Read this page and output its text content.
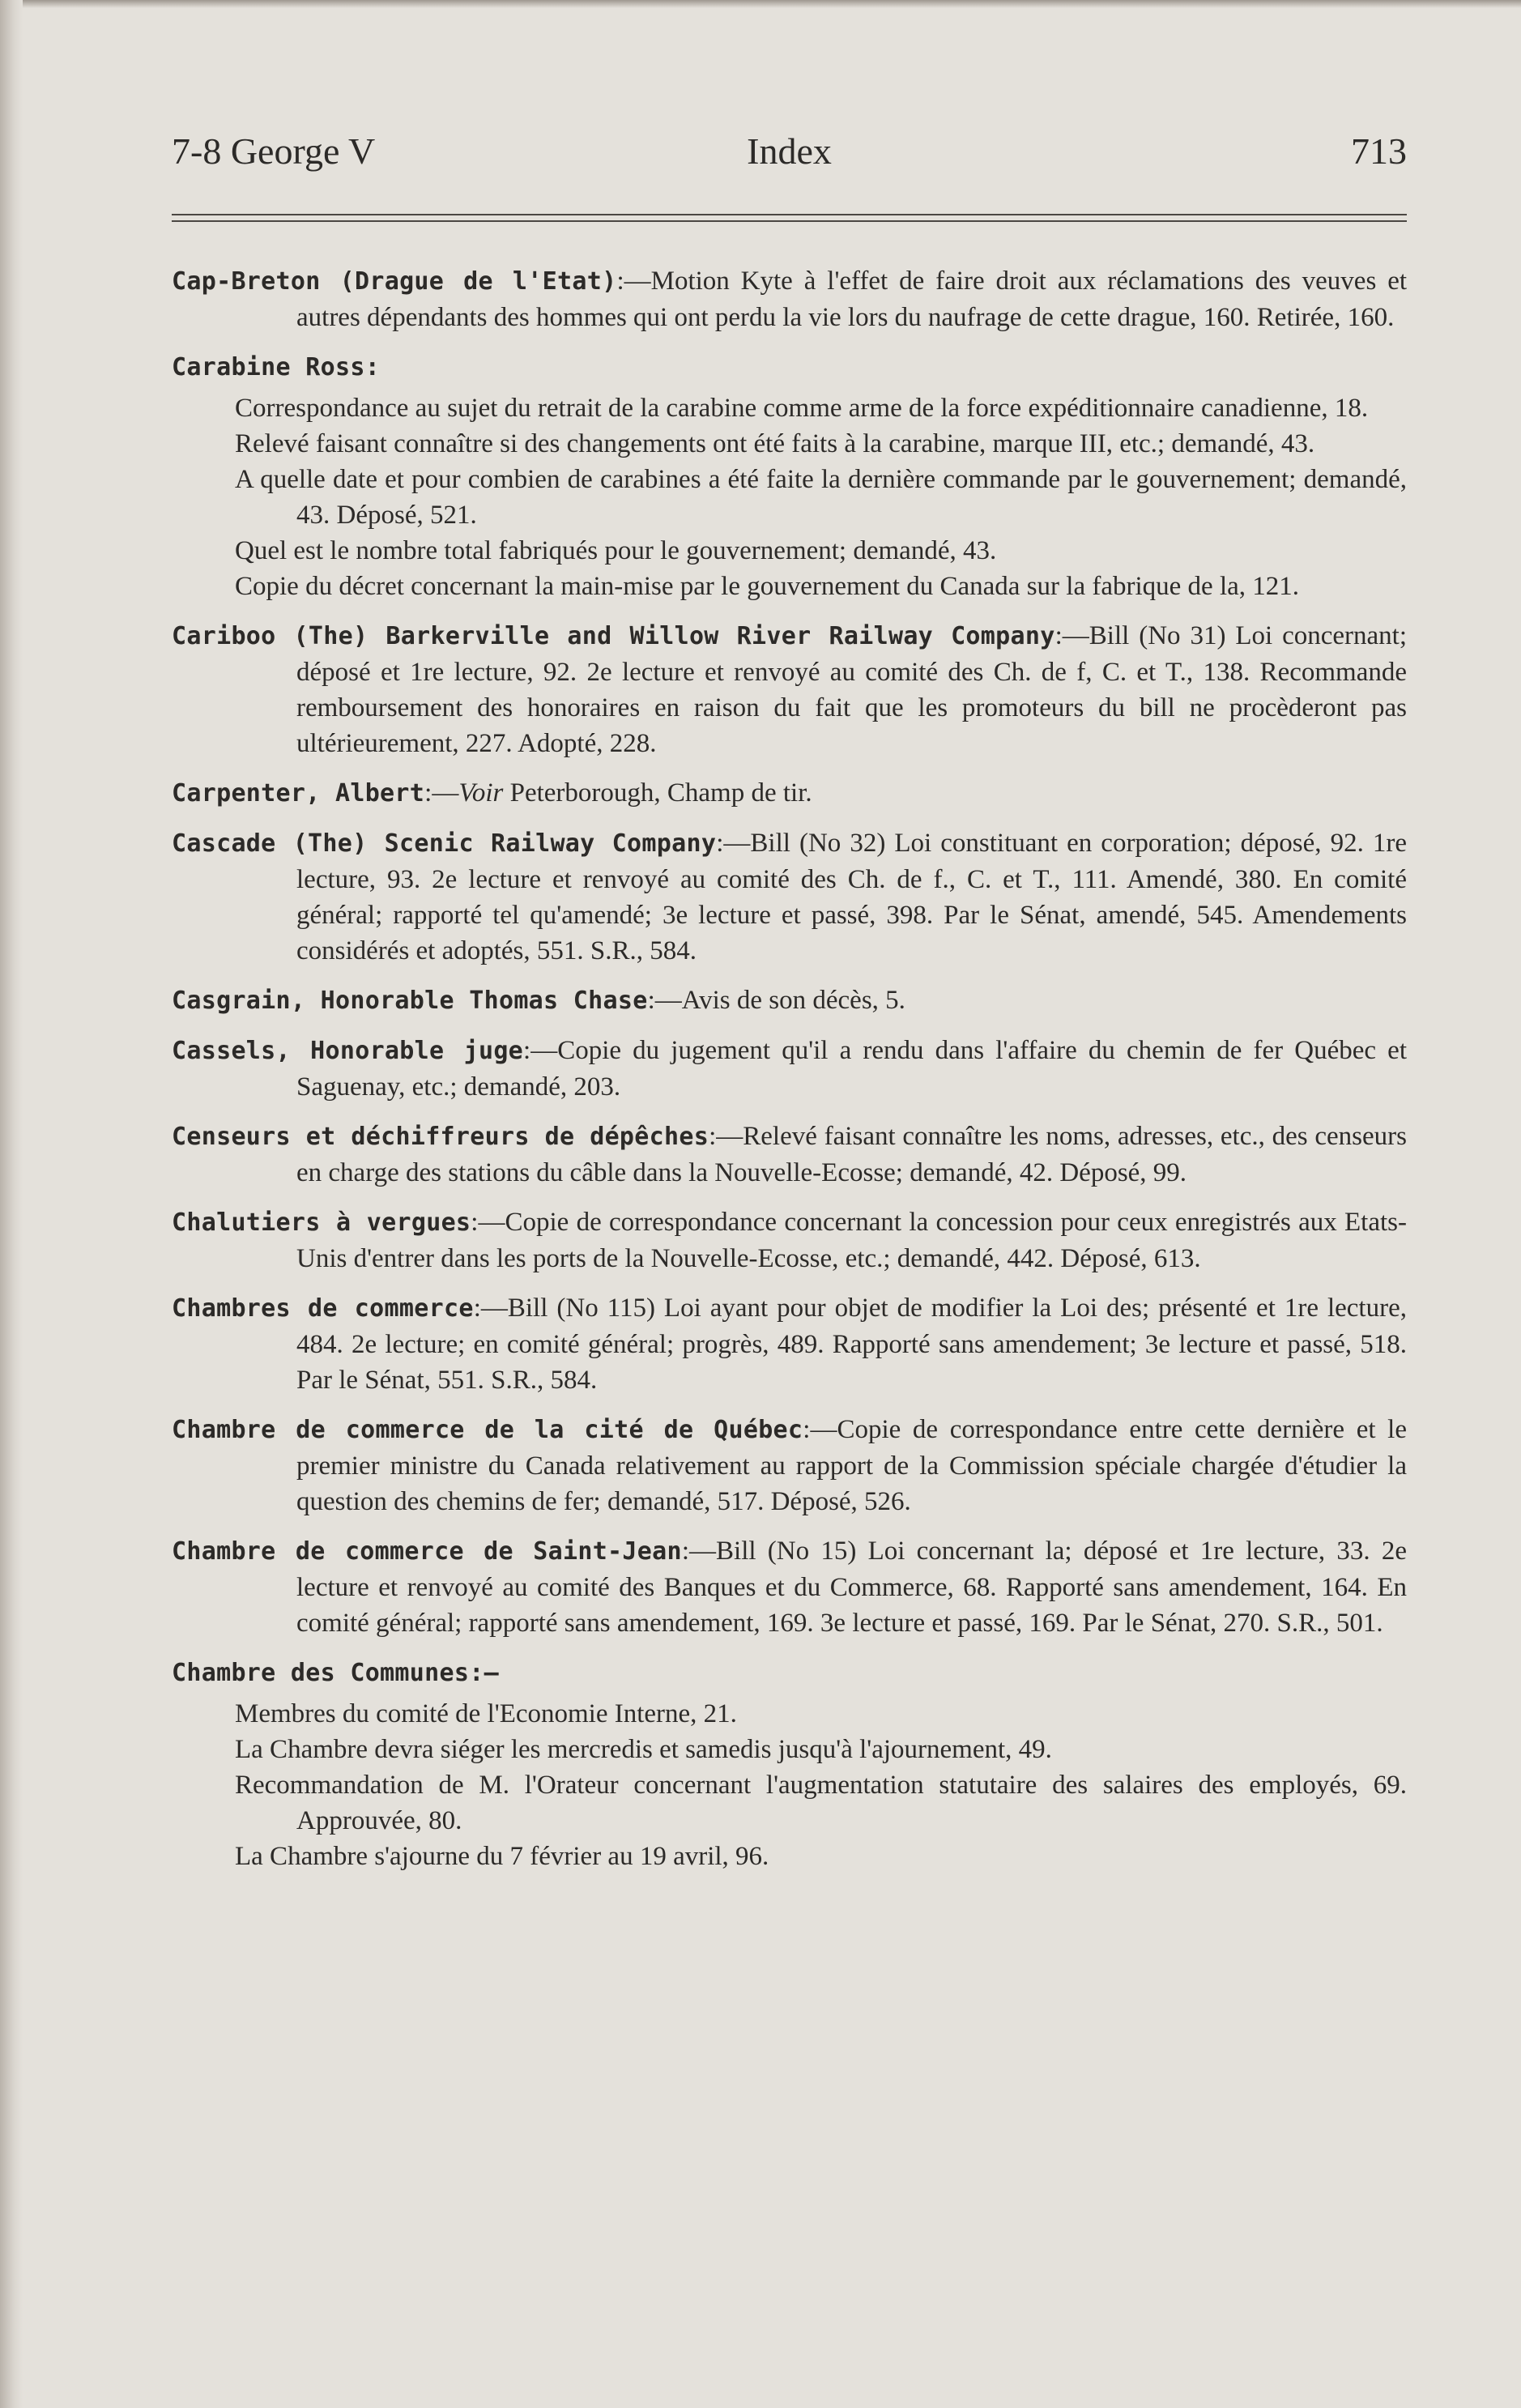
Index
7-8 George V	713
Cap-Breton (Drague de l'Etat):—Motion Kyte à l'effet de faire droit aux réclamations des veuves et autres dépendants des hommes qui ont perdu la vie lors du naufrage de cette drague, 160. Retirée, 160.
Carabine Ross:
Correspondance au sujet du retrait de la carabine comme arme de la force expéditionnaire canadienne, 18.
Relevé faisant connaître si des changements ont été faits à la carabine, marque III, etc.; demandé, 43.
A quelle date et pour combien de carabines a été faite la dernière commande par le gouvernement; demandé, 43. Déposé, 521.
Quel est le nombre total fabriqués pour le gouvernement; demandé, 43.
Copie du décret concernant la main-mise par le gouvernement du Canada sur la fabrique de la, 121.
Cariboo (The) Barkerville and Willow River Railway Company:—Bill (No 31) Loi concernant; déposé et 1re lecture, 92. 2e lecture et renvoyé au comité des Ch. de f, C. et T., 138. Recommande remboursement des honoraires en raison du fait que les promoteurs du bill ne procèderont pas ultérieurement, 227. Adopté, 228.
Carpenter, Albert:—Voir Peterborough, Champ de tir.
Cascade (The) Scenic Railway Company:—Bill (No 32) Loi constituant en corporation; déposé, 92. 1re lecture, 93. 2e lecture et renvoyé au comité des Ch. de f., C. et T., 111. Amendé, 380. En comité général; rapporté tel qu'amendé; 3e lecture et passé, 398. Par le Sénat, amendé, 545. Amendements considérés et adoptés, 551. S.R., 584.
Casgrain, Honorable Thomas Chase:—Avis de son décès, 5.
Cassels, Honorable juge:—Copie du jugement qu'il a rendu dans l'affaire du chemin de fer Québec et Saguenay, etc.; demandé, 203.
Censeurs et déchiffreurs de dépêches:—Relevé faisant connaître les noms, adresses, etc., des censeurs en charge des stations du câble dans la Nouvelle-Ecosse; demandé, 42. Déposé, 99.
Chalutiers à vergues:—Copie de correspondance concernant la concession pour ceux enregistrés aux Etats-Unis d'entrer dans les ports de la Nouvelle-Ecosse, etc.; demandé, 442. Déposé, 613.
Chambres de commerce:—Bill (No 115) Loi ayant pour objet de modifier la Loi des; présenté et 1re lecture, 484. 2e lecture; en comité général; progrès, 489. Rapporté sans amendement; 3e lecture et passé, 518. Par le Sénat, 551. S.R., 584.
Chambre de commerce de la cité de Québec:—Copie de correspondance entre cette dernière et le premier ministre du Canada relativement au rapport de la Commission spéciale chargée d'étudier la question des chemins de fer; demandé, 517. Déposé, 526.
Chambre de commerce de Saint-Jean:—Bill (No 15) Loi concernant la; déposé et 1re lecture, 33. 2e lecture et renvoyé au comité des Banques et du Commerce, 68. Rapporté sans amendement, 164. En comité général; rapporté sans amendement, 169. 3e lecture et passé, 169. Par le Sénat, 270. S.R., 501.
Chambre des Communes:—
Membres du comité de l'Economie Interne, 21.
La Chambre devra siéger les mercredis et samedis jusqu'à l'ajournement, 49.
Recommandation de M. l'Orateur concernant l'augmentation statutaire des salaires des employés, 69. Approuvée, 80.
La Chambre s'ajourne du 7 février au 19 avril, 96.
